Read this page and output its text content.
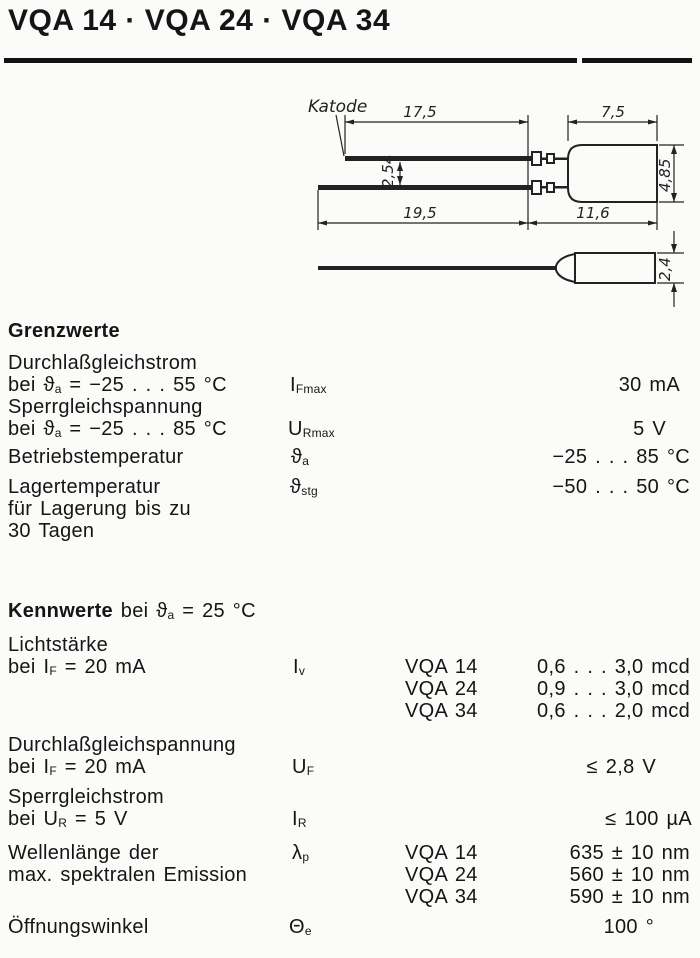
VQA 14 · VQA 24 · VQA 34
Katode 17,5	7,5
4,85
2,54
19,5	11,6
2,4
Grenzwerte
Durchlaßgleichstrom
bei ϑa = −25 . . . 55 °C	IFmax	30 mA
Sperrgleichspannung
bei ϑa = −25 . . . 85 °C	URmax	5 V
Betriebstemperatur	ϑa	−25 . . . 85 °C
Lagertemperatur	ϑstg	−50 . . . 50 °C
für Lagerung bis zu
30 Tagen
Kennwerte bei ϑa = 25 °C
Lichtstärke
bei IF = 20 mA	Iv	VQA 14	0,6 . . . 3,0 mcd
VQA 24	0,9 . . . 3,0 mcd
VQA 34	0,6 . . . 2,0 mcd
Durchlaßgleichspannung
bei IF = 20 mA	UF	≤ 2,8 V
Sperrgleichstrom
bei UR = 5 V	IR	≤ 100 µA
Wellenlänge der
max. spektralen Emission
λp	VQA 14	635 ± 10 nm
VQA 24	560 ± 10 nm
VQA 34	590 ± 10 nm
Öffnungswinkel	Θe	100 °
